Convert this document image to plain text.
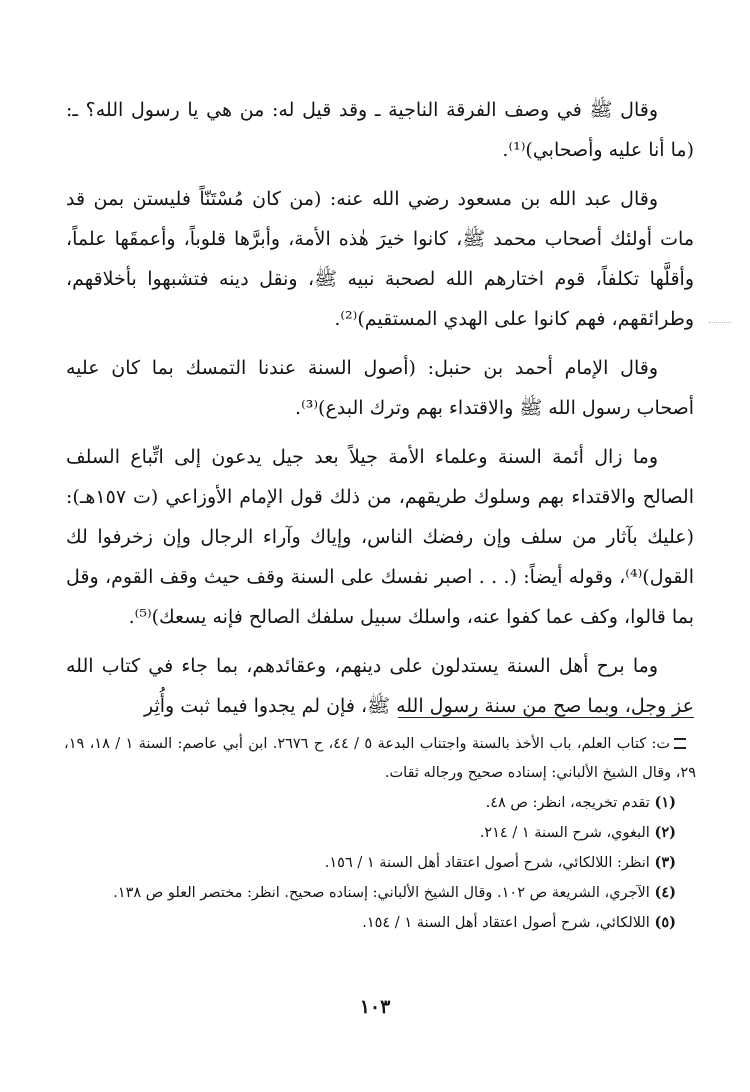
وقال ﷺ في وصف الفرقة الناجية ـ وقد قيل له: من هي يا رسول الله؟ ـ: (ما أنا عليه وأصحابي)⁽¹⁾.

وقال عبد الله بن مسعود رضي الله عنه: (من كان مُسْتَنّاً فليستن بمن قد مات أولئك أصحاب محمد ﷺ، كانوا خيرَ هٰذه الأمة، وأبرَّها قلوباً، وأعمقَها علماً، وأقلَّها تكلفاً، قوم اختارهم الله لصحبة نبيه ﷺ، ونقل دينه فتشبهوا بأخلاقهم، وطرائقهم، فهم كانوا على الهدي المستقيم)⁽²⁾.

وقال الإمام أحمد بن حنبل: (أصول السنة عندنا التمسك بما كان عليه أصحاب رسول الله ﷺ والاقتداء بهم وترك البدع)⁽³⁾.

وما زال أئمة السنة وعلماء الأمة جيلاً بعد جيل يدعون إلى اتِّباع السلف الصالح والاقتداء بهم وسلوك طريقهم، من ذلك قول الإمام الأوزاعي (ت ١٥٧هـ): (عليك بآثار من سلف وإن رفضك الناس، وإياك وآراء الرجال وإن زخرفوا لك القول)⁽⁴⁾، وقوله أيضاً: (. . . اصبر نفسك على السنة وقف حيث وقف القوم، وقل بما قالوا، وكف عما كفوا عنه، واسلك سبيل سلفك الصالح فإنه يسعك)⁽⁵⁾.

وما برح أهل السنة يستدلون على دينهم، وعقائدهم، بما جاء في كتاب الله عز وجل، وبما صح من سنة رسول الله ﷺ، فإن لم يجدوا فيما ثبت وأُثِر

ت: كتاب العلم، باب الأخذ بالسنة واجتناب البدعة ٥ / ٤٤، ح ٢٦٧٦. ابن أبي عاصم: السنة ١ / ١٨، ١٩، ٢٩، وقال الشيخ الألباني: إسناده صحيح ورجاله ثقات.

(١) تقدم تخريجه، انظر: ص ٤٨.
(٢) البغوي، شرح السنة ١ / ٢١٤.
(٣) انظر: اللالكائي، شرح أصول اعتقاد أهل السنة ١ / ١٥٦.
(٤) الآجري، الشريعة ص ١٠٢. وقال الشيخ الألباني: إسناده صحيح. انظر: مختصر العلو ص ١٣٨.
(٥) اللالكائي، شرح أصول اعتقاد أهل السنة ١ / ١٥٤.
١٠٣
